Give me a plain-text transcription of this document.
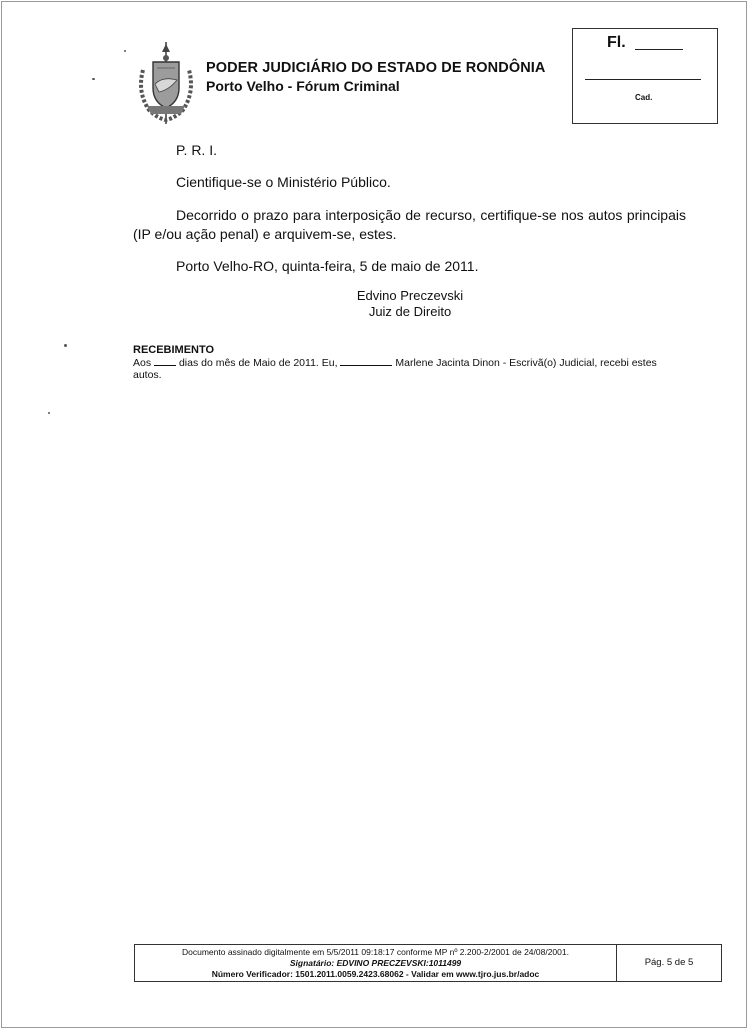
PODER JUDICIÁRIO DO ESTADO DE RONDÔNIA
Porto Velho - Fórum Criminal
Fl.
Cad.
P. R. I.
Cientifique-se o Ministério Público.
Decorrido o prazo para interposição de recurso, certifique-se nos autos principais (IP e/ou ação penal) e arquivem-se, estes.
Porto Velho-RO, quinta-feira, 5 de maio de 2011.
Edvino Preczevski
Juiz de Direito
RECEBIMENTO
Aos	dias do mês de Maio de 2011. Eu,	Marlene Jacinta Dinon - Escrivã(o) Judicial, recebi estes autos.
Documento assinado digitalmente em 5/5/2011 09:18:17 conforme MP nº 2.200-2/2001 de 24/08/2001.
Signatário: EDVINO PRECZEVSKI:1011499
Número Verificador: 1501.2011.0059.2423.68062 - Validar em www.tjro.jus.br/adoc
Pág. 5 de 5
